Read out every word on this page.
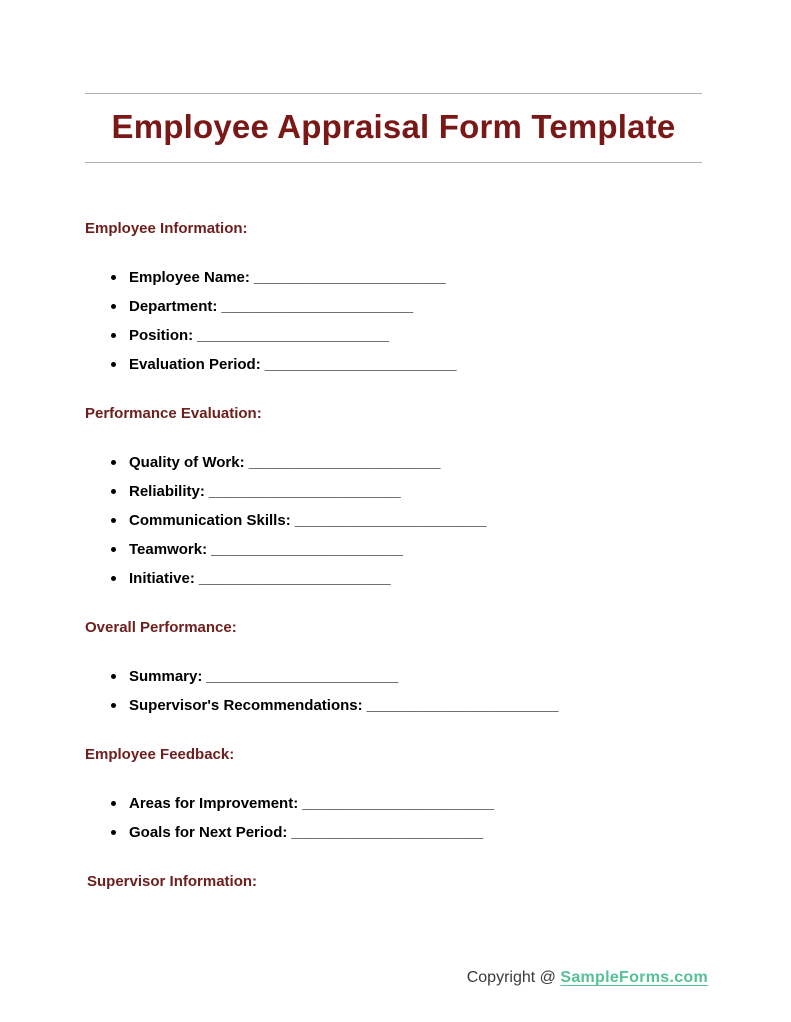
Employee Appraisal Form Template
Employee Information:
Employee Name: _______________________
Department: _______________________
Position: _______________________
Evaluation Period: _______________________
Performance Evaluation:
Quality of Work: _______________________
Reliability: _______________________
Communication Skills: _______________________
Teamwork: _______________________
Initiative: _______________________
Overall Performance:
Summary: _______________________
Supervisor's Recommendations: _______________________
Employee Feedback:
Areas for Improvement: _______________________
Goals for Next Period: _______________________
Supervisor Information:
Copyright @ SampleForms.com
